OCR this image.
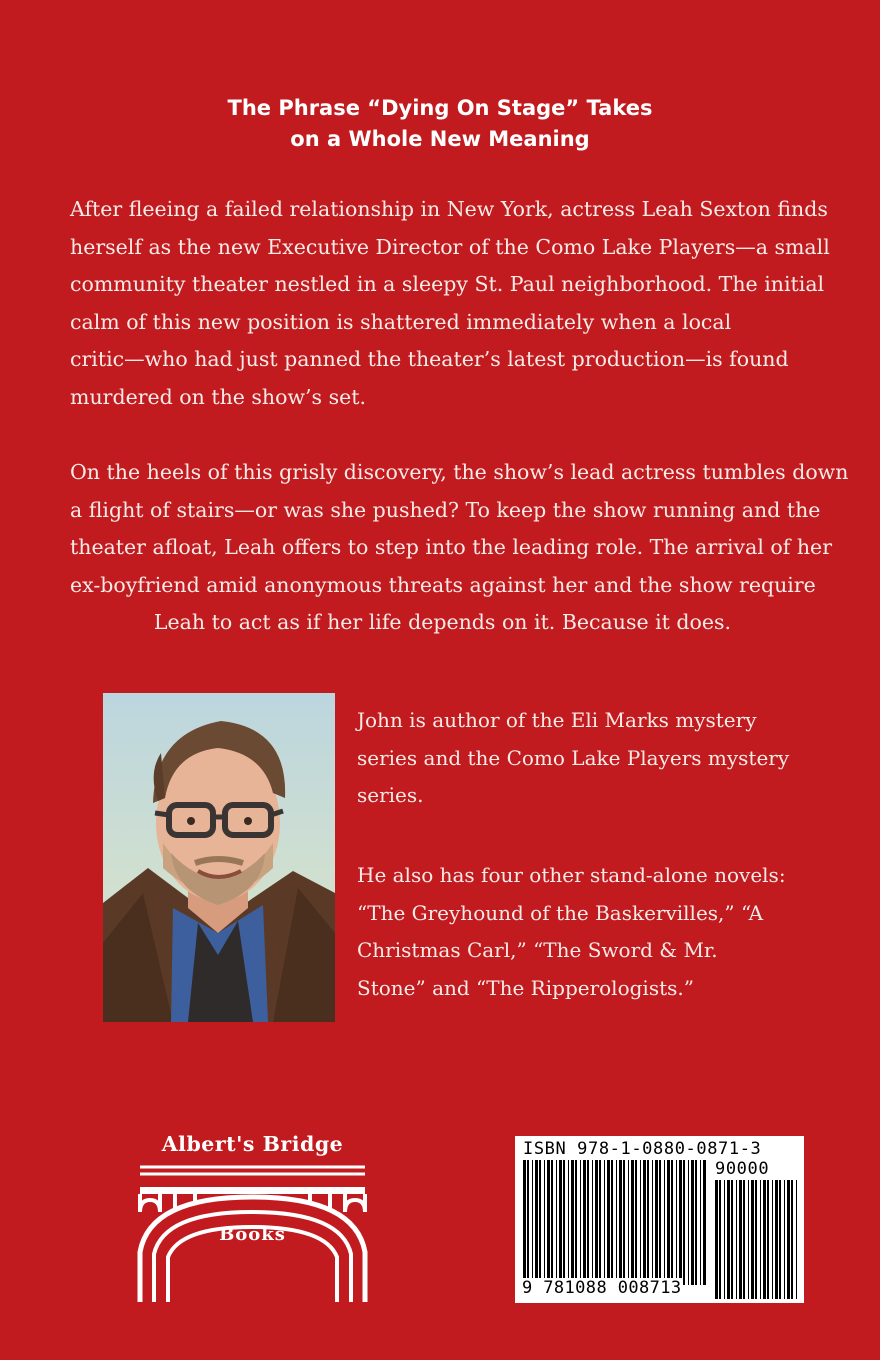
The Phrase “Dying On Stage” Takes
on a Whole New Meaning
After fleeing a failed relationship in New York, actress Leah Sexton finds
herself as the new Executive Director of the Como Lake Players—a small
community theater nestled in a sleepy St. Paul neighborhood. The initial
calm of this new position is shattered immediately when a local
critic—who had just panned the theater’s latest production—is found
murdered on the show’s set.
On the heels of this grisly discovery, the show’s lead actress tumbles down
a flight of stairs—or was she pushed? To keep the show running and the
theater afloat, Leah offers to step into the leading role. The arrival of her
ex-boyfriend amid anonymous threats against her and the show require
Leah to act as if her life depends on it. Because it does.
John is author of the Eli Marks mystery
series and the Como Lake Players mystery
series.
He also has four other stand-alone novels:
“The Greyhound of the Baskervilles,” “A
Christmas Carl,” “The Sword & Mr.
Stone” and “The Ripperologists.”
Albert's Bridge
Books
ISBN 978-1-0880-0871-3
90000
9 781088 008713
